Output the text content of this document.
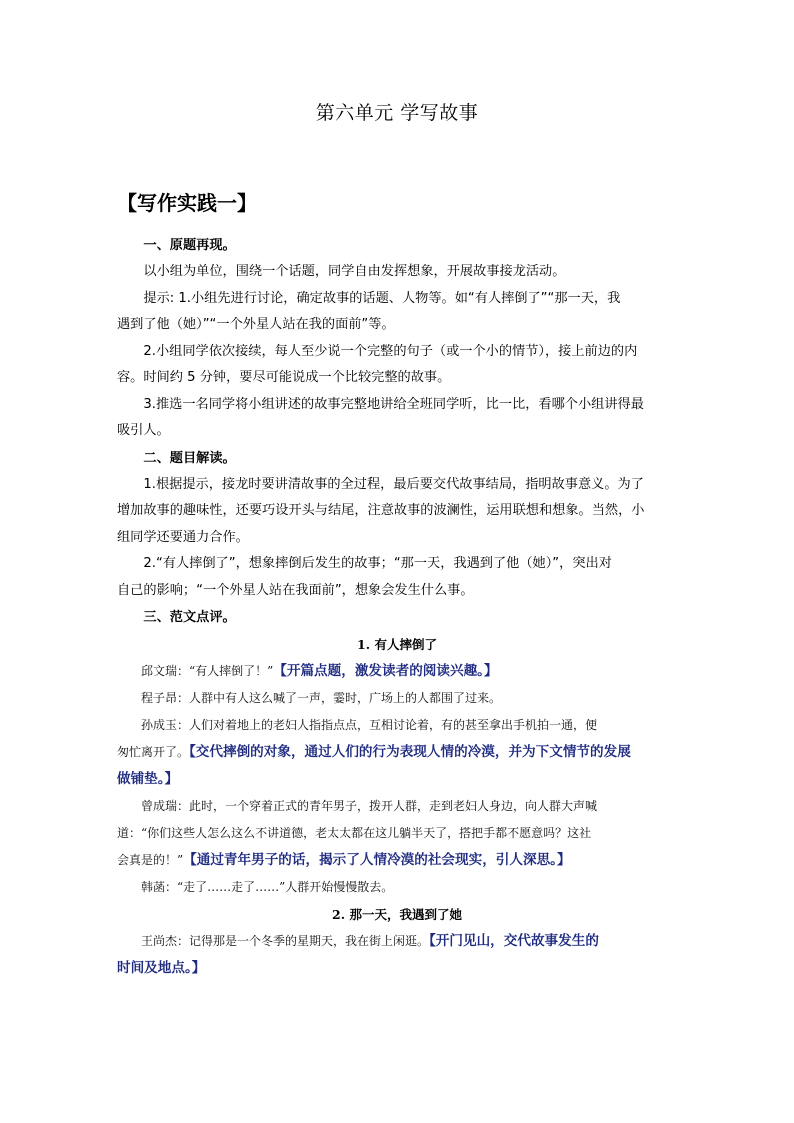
第六单元 学写故事
【写作实践一】

一、原题再现。

以小组为单位，围绕一个话题，同学自由发挥想象，开展故事接龙活动。

提示: 1.小组先进行讨论，确定故事的话题、人物等。如“有人摔倒了”“那一天，我

遇到了他（她）”“一个外星人站在我的面前”等。

2.小组同学依次接续，每人至少说一个完整的句子（或一个小的情节），接上前边的内

容。时间约 5 分钟，要尽可能说成一个比较完整的故事。

3.推选一名同学将小组讲述的故事完整地讲给全班同学听，比一比，看哪个小组讲得最

吸引人。

二、题目解读。

1.根据提示，接龙时要讲清故事的全过程，最后要交代故事结局，指明故事意义。为了

增加故事的趣味性，还要巧设开头与结尾，注意故事的波澜性，运用联想和想象。当然，小

组同学还要通力合作。

2.“有人摔倒了”，想象摔倒后发生的故事；“那一天，我遇到了他（她）”，突出对

自己的影响；“一个外星人站在我面前”，想象会发生什么事。

三、范文点评。

1. 有人摔倒了

邱文瑞：“有人摔倒了！”【开篇点题，激发读者的阅读兴趣。】

程子昂：人群中有人这么喊了一声，霎时，广场上的人都围了过来。

孙成玉：人们对着地上的老妇人指指点点，互相讨论着，有的甚至拿出手机拍一通，便

匆忙离开了。【交代摔倒的对象，通过人们的行为表现人情的冷漠，并为下文情节的发展

做铺垫。】

曾成瑞：此时，一个穿着正式的青年男子，拨开人群，走到老妇人身边，向人群大声喊

道：“你们这些人怎么这么不讲道德，老太太都在这儿躺半天了，搭把手都不愿意吗？这社

会真是的！”【通过青年男子的话，揭示了人情冷漠的社会现实，引人深思。】

韩菡：“走了……走了……”人群开始慢慢散去。

2. 那一天，我遇到了她

王尚杰：记得那是一个冬季的星期天，我在街上闲逛。【开门见山，交代故事发生的

时间及地点。】
